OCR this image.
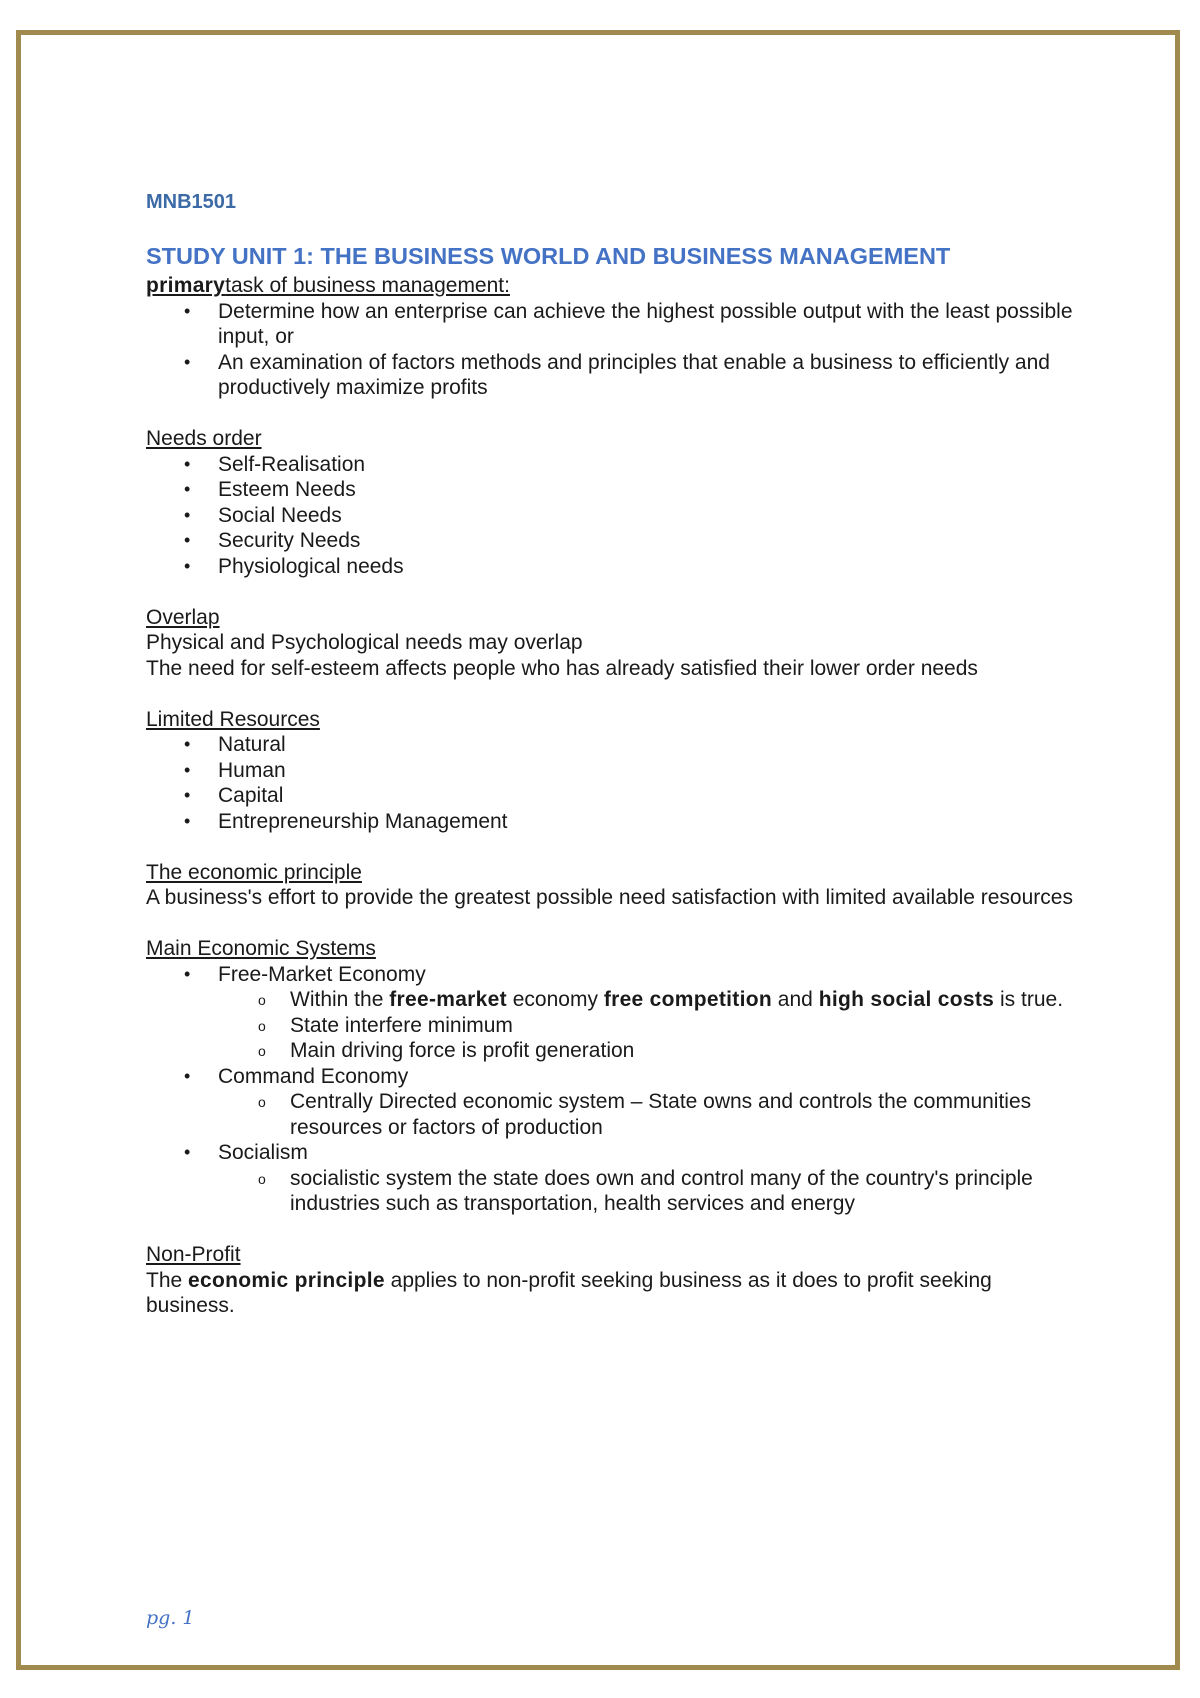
MNB1501
STUDY UNIT 1: THE BUSINESS WORLD AND BUSINESS MANAGEMENT
primarytask of business management:
• Determine how an enterprise can achieve the highest possible output with the least possible input, or
• An examination of factors methods and principles that enable a business to efficiently and productively maximize profits
Needs order
• Self-Realisation
• Esteem Needs
• Social Needs
• Security Needs
• Physiological needs
Overlap
Physical and Psychological needs may overlap
The need for self-esteem affects people who has already satisfied their lower order needs
Limited Resources
• Natural
• Human
• Capital
• Entrepreneurship Management
The economic principle
A business's effort to provide the greatest possible need satisfaction with limited available resources
Main Economic Systems
• Free-Market Economy
o Within the free-market economy free competition and high social costs is true.
o State interfere minimum
o Main driving force is profit generation
• Command Economy
o Centrally Directed economic system – State owns and controls the communities resources or factors of production
• Socialism
o socialistic system the state does own and control many of the country's principle industries such as transportation, health services and energy
Non-Profit
The economic principle applies to non-profit seeking business as it does to profit seeking business.
pg. 1
